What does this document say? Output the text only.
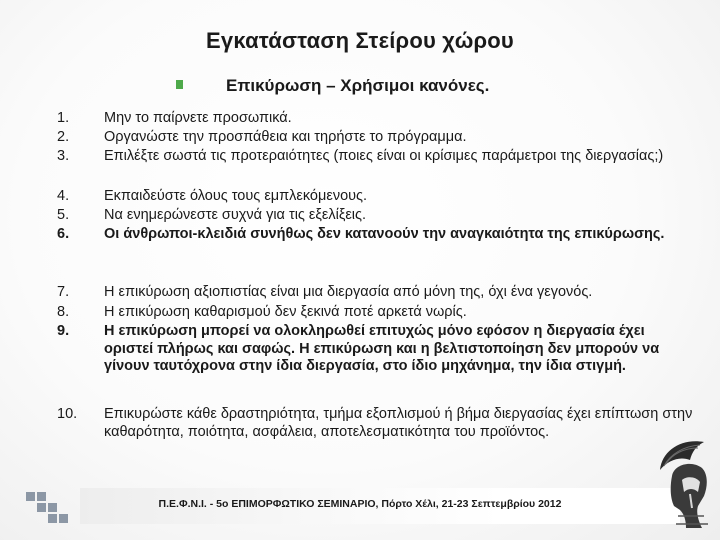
Εγκατάσταση Στείρου χώρου
Επικύρωση – Χρήσιμοι κανόνες.
1.	Μην το παίρνετε προσωπικά.
2.	Οργανώστε την προσπάθεια και τηρήστε το πρόγραμμα.
3.	Επιλέξτε σωστά τις προτεραιότητες (ποιες είναι οι κρίσιμες παράμετροι της διεργασίας;)
4.	Εκπαιδεύστε όλους τους εμπλεκόμενους.
5.	Να ενημερώνεστε συχνά για τις εξελίξεις.
6.	Οι άνθρωποι-κλειδιά συνήθως δεν κατανοούν την αναγκαιότητα της επικύρωσης.
7.	Η επικύρωση αξιοπιστίας είναι μια διεργασία από μόνη της, όχι ένα γεγονός.
8.	Η επικύρωση καθαρισμού δεν ξεκινά ποτέ αρκετά νωρίς.
9.	Η επικύρωση μπορεί να ολοκληρωθεί επιτυχώς μόνο εφόσον η διεργασία έχει οριστεί πλήρως και σαφώς. Η επικύρωση και η βελτιστοποίηση δεν μπορούν να γίνουν ταυτόχρονα στην ίδια διεργασία, στο ίδιο μηχάνημα, την ίδια στιγμή.
10.	Επικυρώστε κάθε δραστηριότητα, τμήμα εξοπλισμού ή βήμα διεργασίας έχει επίπτωση στην καθαρότητα, ποιότητα, ασφάλεια, αποτελεσματικότητα του προϊόντος.
Π.Ε.Φ.Ν.Ι. - 5ο ΕΠΙΜΟΡΦΩΤΙΚΟ ΣΕΜΙΝΑΡΙΟ, Πόρτο Χέλι, 21-23 Σεπτεμβρίου 2012
